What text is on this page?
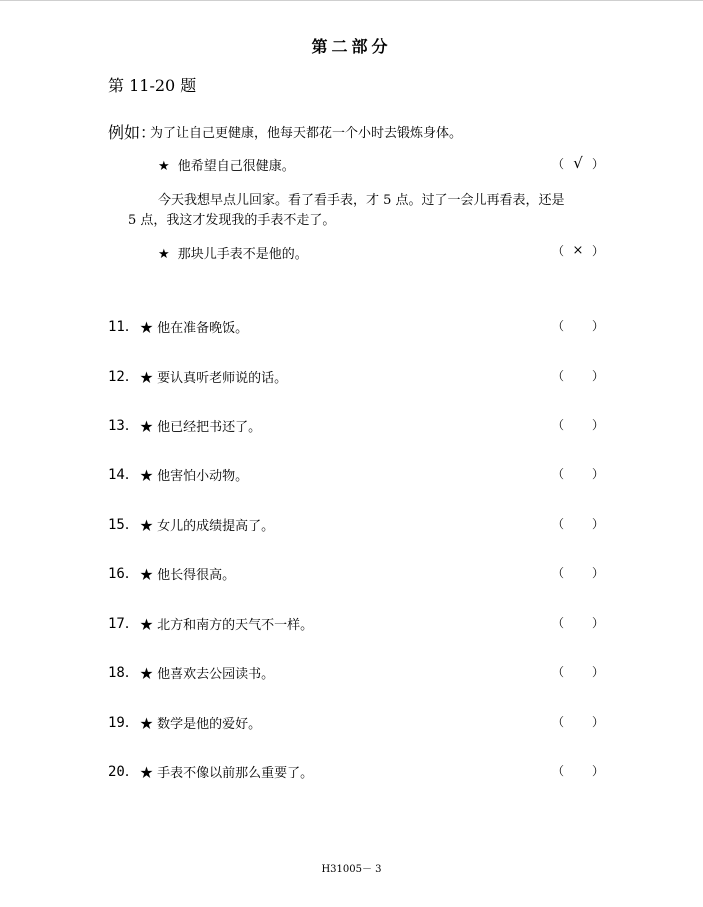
第二部分
第 11-20 题
例如：
为了让自己更健康，他每天都花一个小时去锻炼身体。
★ 他希望自己很健康。	（ √ ）
今天我想早点儿回家。看了看手表，才 5 点。过了一会儿再看表，还是
5 点，我这才发现我的手表不走了。
★ 那块儿手表不是他的。	（ × ）
11． ★ 他在准备晚饭。	（ ）
12． ★ 要认真听老师说的话。	（ ）
13． ★ 他已经把书还了。	（ ）
14． ★ 他害怕小动物。	（ ）
15． ★ 女儿的成绩提高了。	（ ）
16． ★ 他长得很高。	（ ）
17． ★ 北方和南方的天气不一样。	（ ）
18． ★ 他喜欢去公园读书。	（ ）
19． ★ 数学是他的爱好。	（ ）
20． ★ 手表不像以前那么重要了。	（ ）
H31005－ 3
